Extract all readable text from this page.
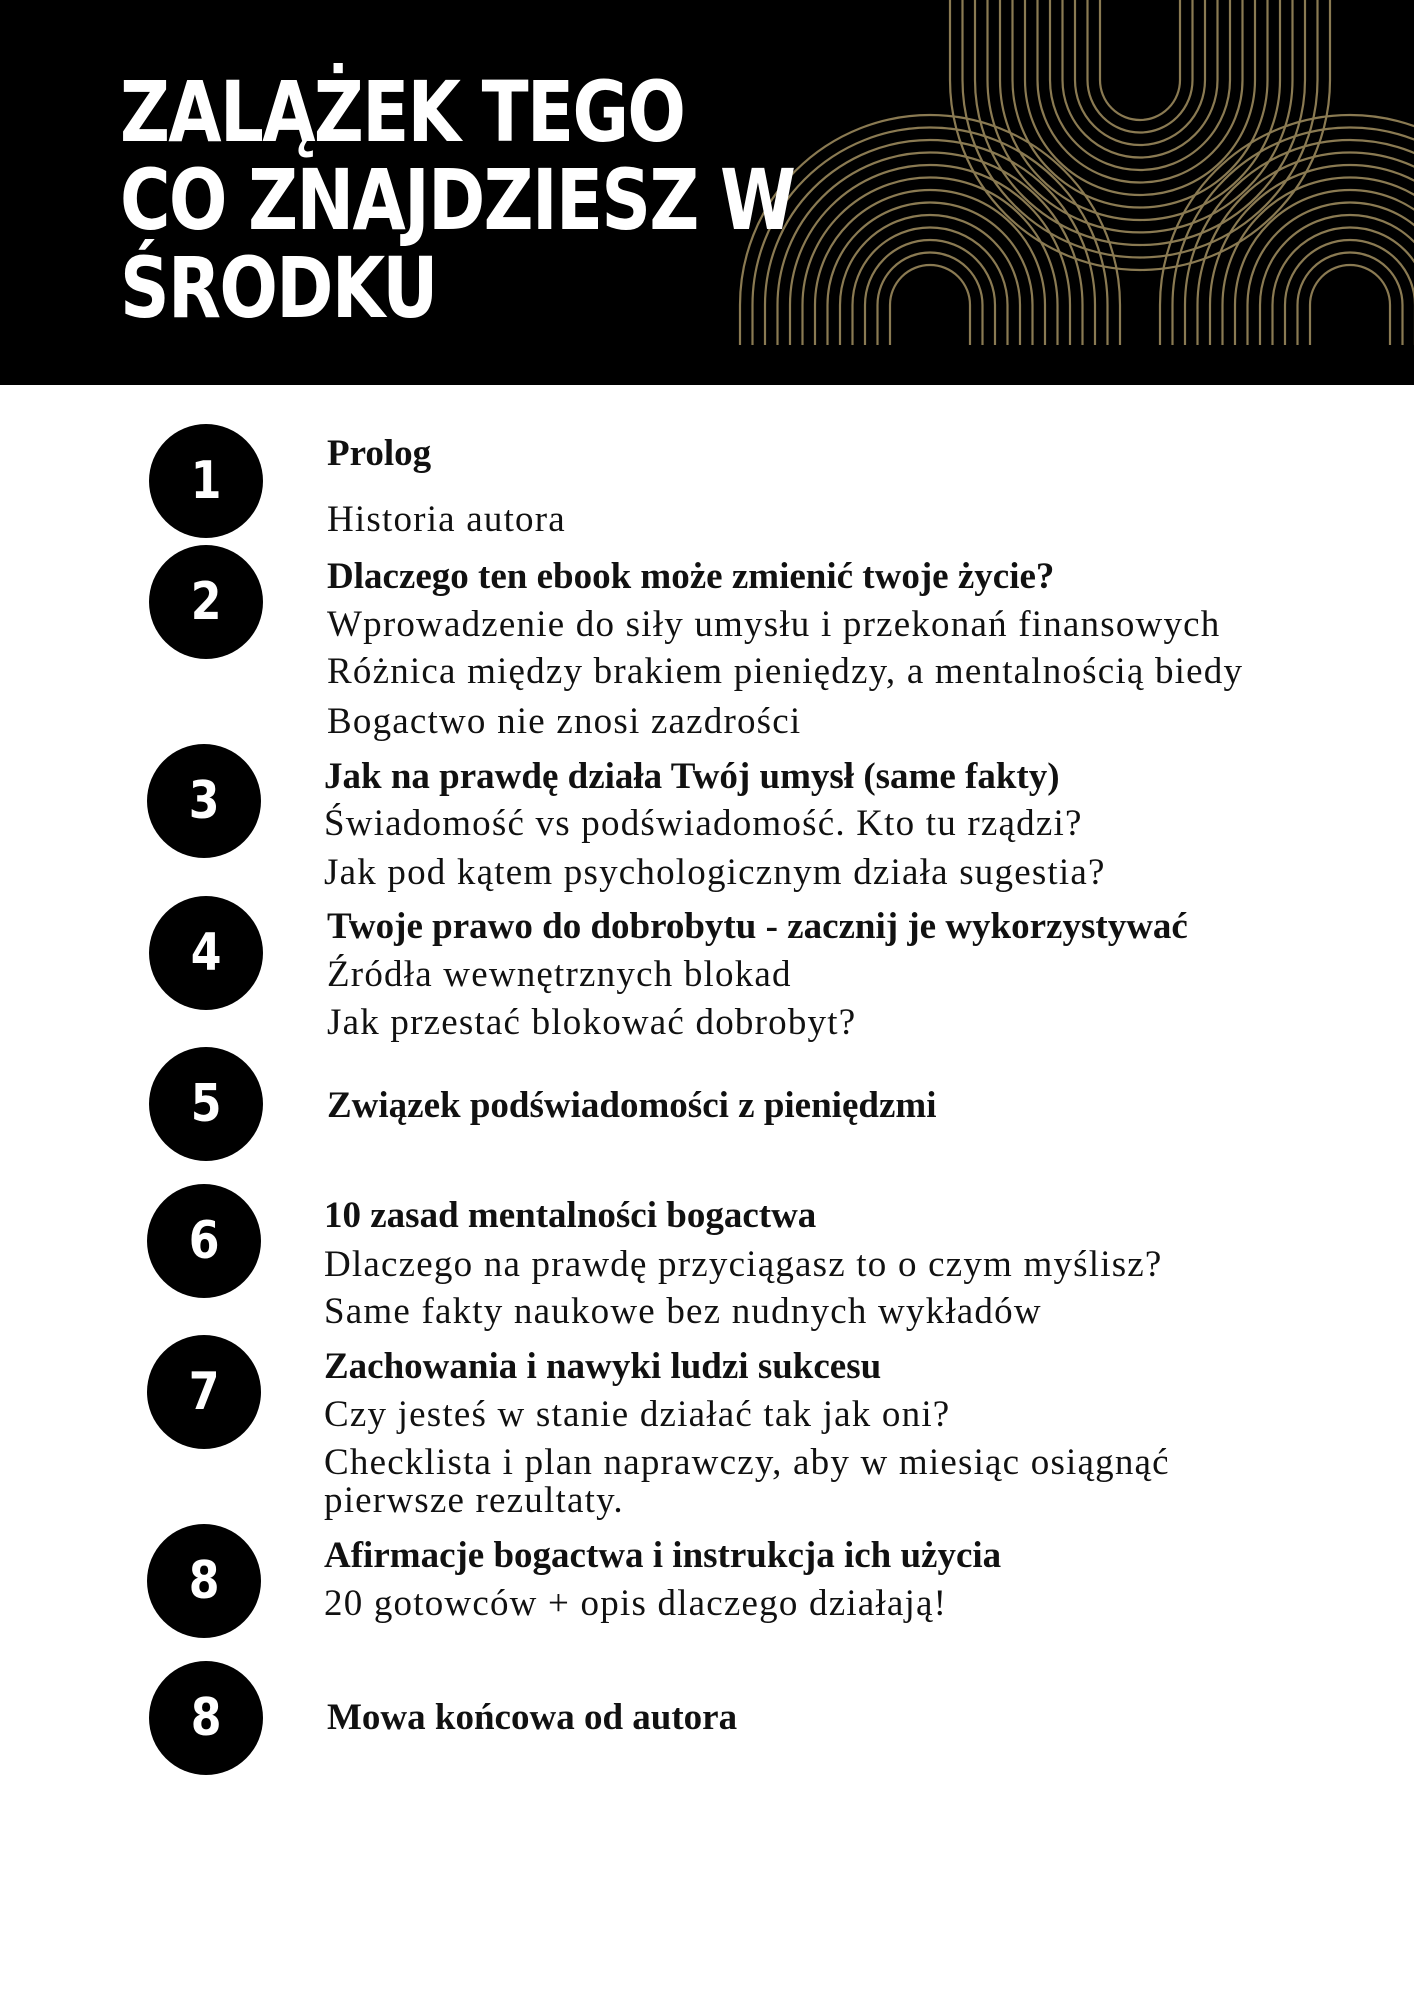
ZALĄŻEK TEGO
CO ZNAJDZIESZ W
ŚRODKU
1	Prolog
Historia autora
2	Dlaczego ten ebook może zmienić twoje życie?
Wprowadzenie do siły umysłu i przekonań finansowych
Różnica między brakiem pieniędzy, a mentalnością biedy
Bogactwo nie znosi zazdrości
3	Jak na prawdę działa Twój umysł (same fakty)
Świadomość vs podświadomość. Kto tu rządzi?
Jak pod kątem psychologicznym działa sugestia?
4	Twoje prawo do dobrobytu - zacznij je wykorzystywać
Źródła wewnętrznych blokad
Jak przestać blokować dobrobyt?
5	Związek podświadomości z pieniędzmi
6	10 zasad mentalności bogactwa
Dlaczego na prawdę przyciągasz to o czym myślisz?
Same fakty naukowe bez nudnych wykładów
7	Zachowania i nawyki ludzi sukcesu
Czy jesteś w stanie działać tak jak oni?
Checklista i plan naprawczy, aby w miesiąc osiągnąć
pierwsze rezultaty.
8	Afirmacje bogactwa i instrukcja ich użycia
20 gotowców + opis dlaczego działają!
8	Mowa końcowa od autora
